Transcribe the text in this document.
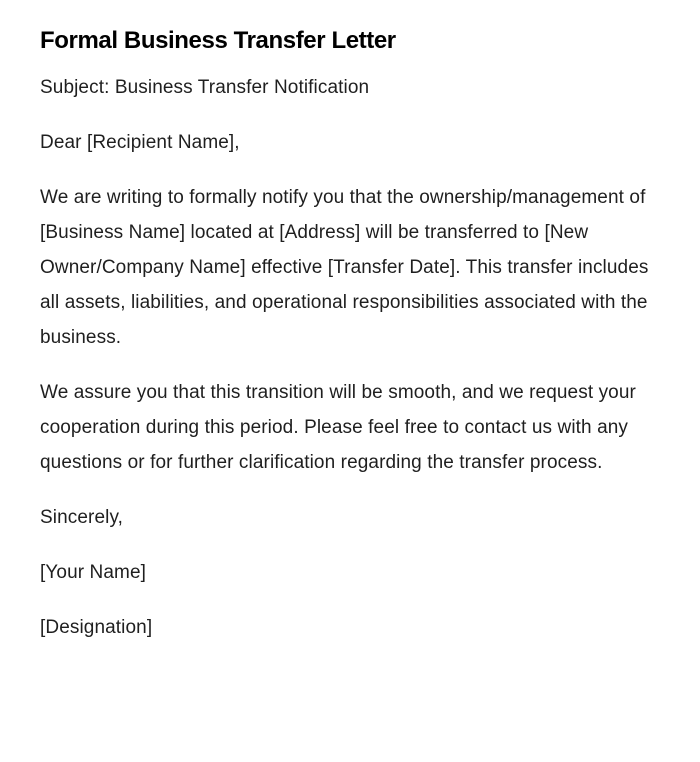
Formal Business Transfer Letter

Subject: Business Transfer Notification

Dear [Recipient Name],

We are writing to formally notify you that the ownership/management of [Business Name] located at [Address] will be transferred to [New Owner/Company Name] effective [Transfer Date]. This transfer includes all assets, liabilities, and operational responsibilities associated with the business.

We assure you that this transition will be smooth, and we request your cooperation during this period. Please feel free to contact us with any questions or for further clarification regarding the transfer process.

Sincerely,

[Your Name]

[Designation]
